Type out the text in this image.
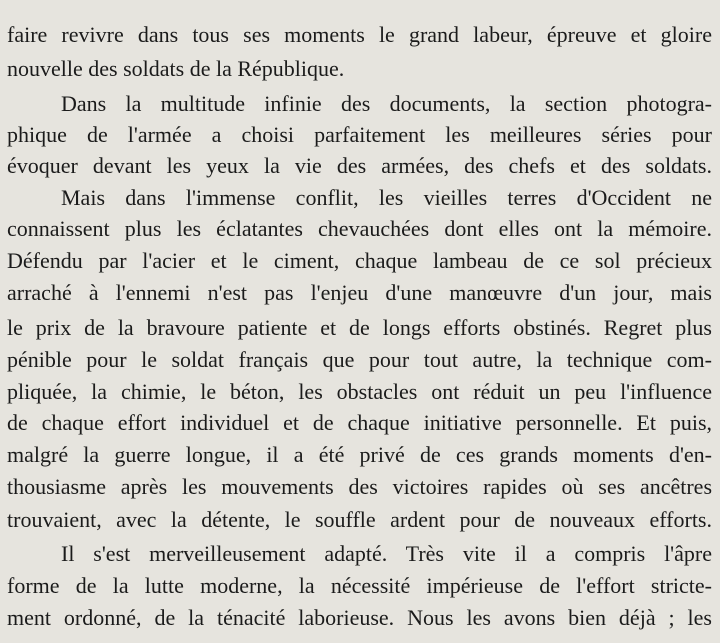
faire revivre dans tous ses moments le grand labeur, épreuve et gloire
nouvelle des soldats de la République.
Dans la multitude infinie des documents, la section photogra-
phique de l'armée a choisi parfaitement les meilleures séries pour
évoquer devant les yeux la vie des armées, des chefs et des soldats.
Mais dans l'immense conflit, les vieilles terres d'Occident ne
connaissent plus les éclatantes chevauchées dont elles ont la mémoire.
Défendu par l'acier et le ciment, chaque lambeau de ce sol précieux
arraché à l'ennemi n'est pas l'enjeu d'une manœuvre d'un jour, mais
le prix de la bravoure patiente et de longs efforts obstinés. Regret plus
pénible pour le soldat français que pour tout autre, la technique com-
pliquée, la chimie, le béton, les obstacles ont réduit un peu l'influence
de chaque effort individuel et de chaque initiative personnelle. Et puis,
malgré la guerre longue, il a été privé de ces grands moments d'en-
thousiasme après les mouvements des victoires rapides où ses ancêtres
trouvaient, avec la détente, le souffle ardent pour de nouveaux efforts.
Il s'est merveilleusement adapté. Très vite il a compris l'âpre
forme de la lutte moderne, la nécessité impérieuse de l'effort stricte-
ment ordonné, de la ténacité laborieuse. Nous les avons bien déjà ; les
